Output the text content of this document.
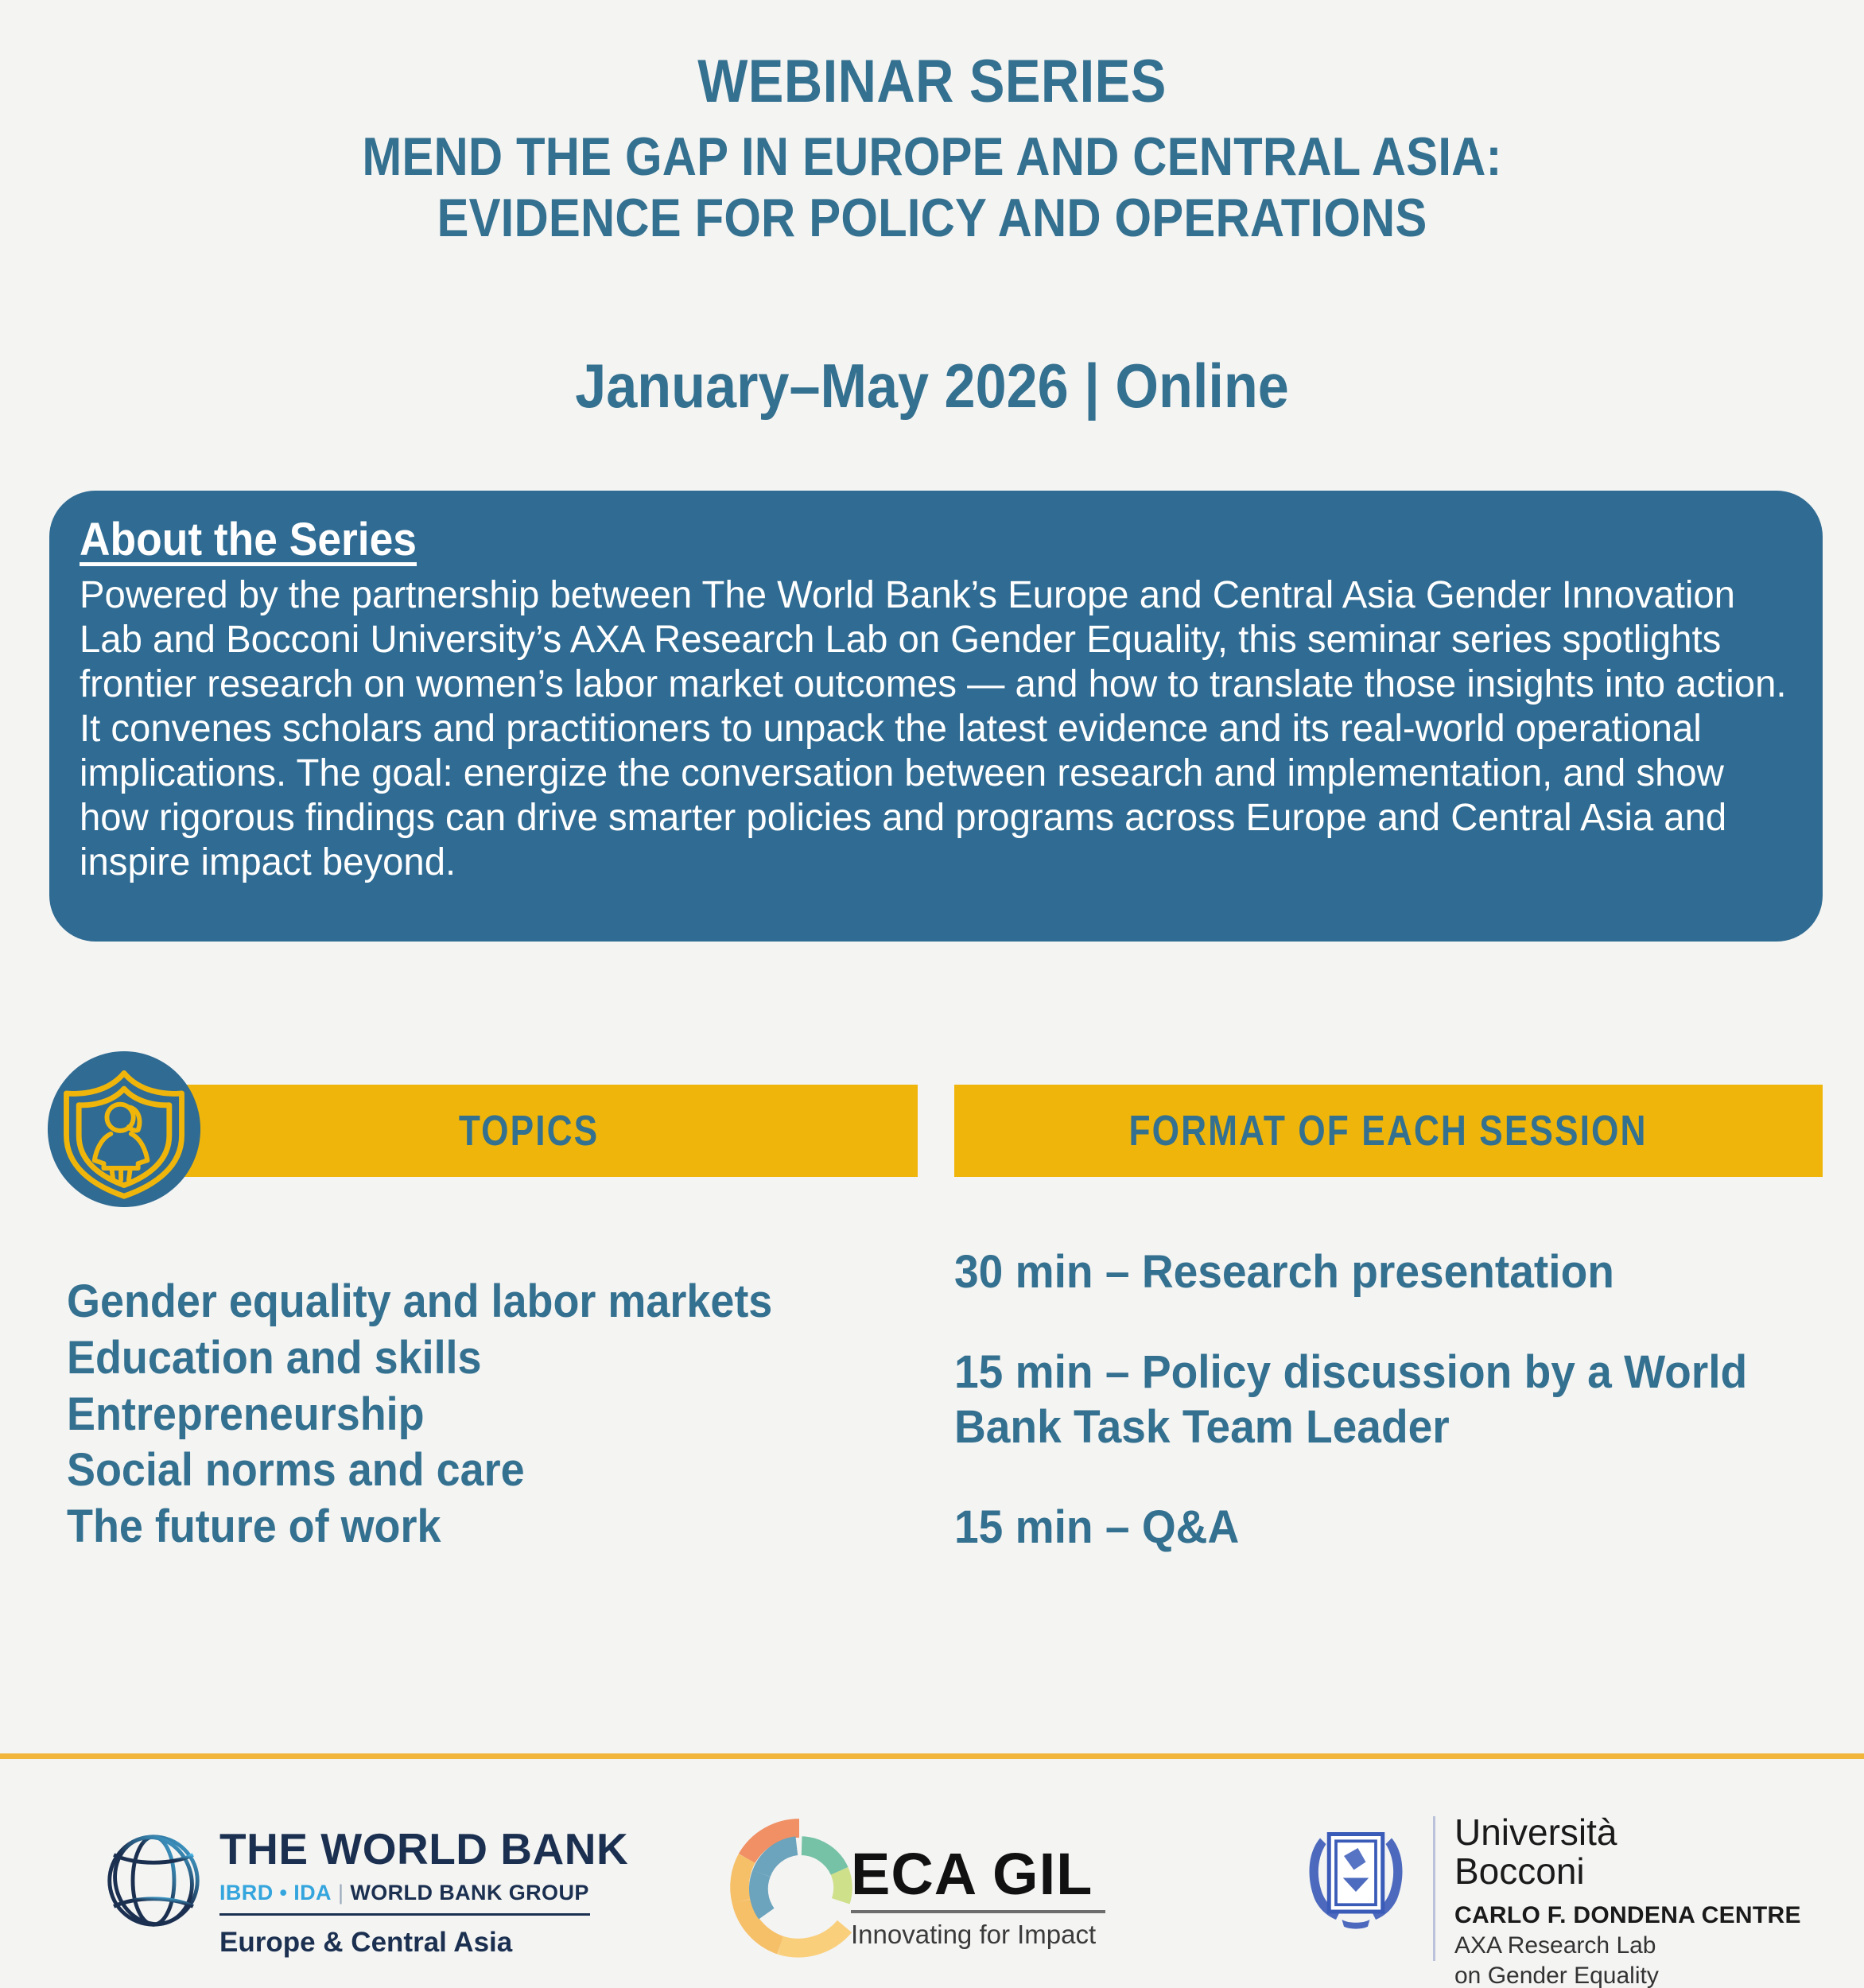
WEBINAR SERIES
MEND THE GAP IN EUROPE AND CENTRAL ASIA:
EVIDENCE FOR POLICY AND OPERATIONS
January–May 2026 | Online
About the Series
Powered by the partnership between The World Bank’s Europe and Central Asia Gender Innovation Lab and Bocconi University’s AXA Research Lab on Gender Equality, this seminar series spotlights frontier research on women’s labor market outcomes — and how to translate those insights into action. It convenes scholars and practitioners to unpack the latest evidence and its real-world operational implications. The goal: energize the conversation between research and implementation, and show how rigorous findings can drive smarter policies and programs across Europe and Central Asia and inspire impact beyond.
TOPICS	FORMAT OF EACH SESSION
Gender equality and labor markets
Education and skills
Entrepreneurship
Social norms and care
The future of work
30 min – Research presentation
15 min – Policy discussion by a World Bank Task Team Leader
15 min – Q&A
THE WORLD BANK
IBRD • IDA | WORLD BANK GROUP
Europe & Central Asia
ECA GIL
Innovating for Impact
Università
Bocconi
CARLO F. DONDENA CENTRE
AXA Research Lab
on Gender Equality
